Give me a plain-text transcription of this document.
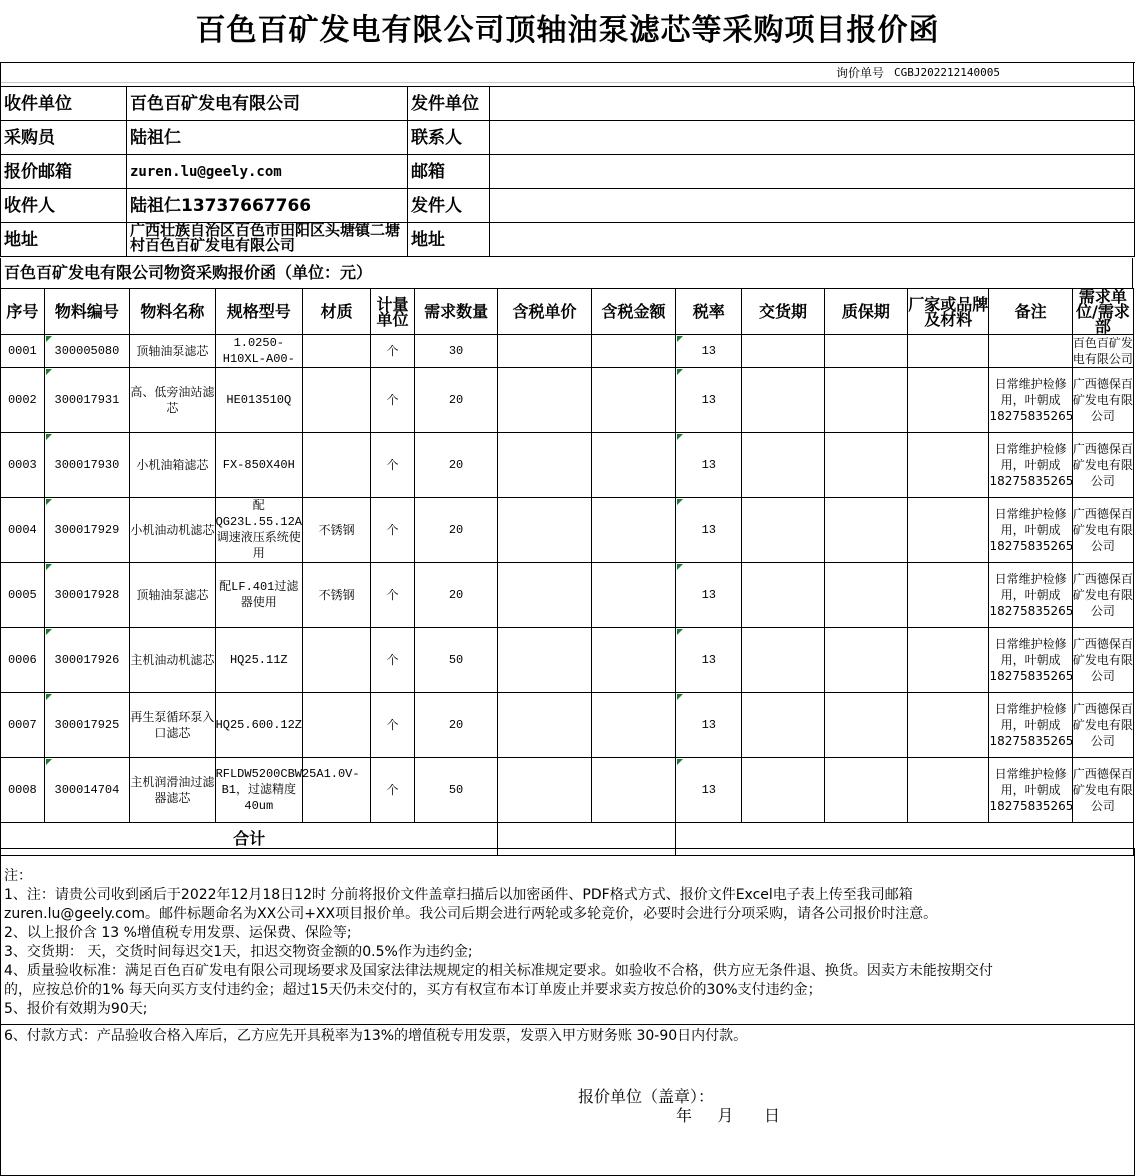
百色百矿发电有限公司顶轴油泵滤芯等采购项目报价函
询价单号 CGBJ202212140005
收件单位	百色百矿发电有限公司	发件单位	
采购员	陆祖仁	联系人	
报价邮箱	zuren.lu@geely.com	邮箱	
收件人	陆祖仁13737667766	发件人	
地址	广西壮族自治区百色市田阳区头塘镇二塘村百色百矿发电有限公司	地址	
百色百矿发电有限公司物资采购报价函（单位：元）
序号	物料编号	物料名称	规格型号	材质	计量单位	需求数量	含税单价	含税金额	税率	交货期	质保期	厂家或品牌及材料	备注	需求单位/需求部
0001	300005080	顶轴油泵滤芯	1.0250-H10XL-A00-		个	30			13					百色百矿发电有限公司
0002	300017931	高、低旁油站滤芯	HE013510Q		个	20			13				日常维护检修用，叶朝成18275835265	广西德保百矿发电有限公司
0003	300017930	小机油箱滤芯	FX-850X40H		个	20			13				日常维护检修用，叶朝成18275835265	广西德保百矿发电有限公司
0004	300017929	小机油动机滤芯	配QG23L.55.12A调速液压系统使用	不锈钢	个	20			13				日常维护检修用，叶朝成18275835265	广西德保百矿发电有限公司
0005	300017928	顶轴油泵滤芯	配LF.401过滤器使用	不锈钢	个	20			13				日常维护检修用，叶朝成18275835265	广西德保百矿发电有限公司
0006	300017926	主机油动机滤芯	HQ25.11Z		个	50			13				日常维护检修用，叶朝成18275835265	广西德保百矿发电有限公司
0007	300017925	再生泵循环泵入口滤芯	HQ25.600.12Z		个	20			13				日常维护检修用，叶朝成18275835265	广西德保百矿发电有限公司
0008	300014704	主机润滑油过滤器滤芯	RFLDW5200CBW25A1.0V-B1，过滤精度40um		个	50			13				日常维护检修用，叶朝成18275835265	广西德保百矿发电有限公司
合计														

注：

1、注：请贵公司收到函后于2022年12月18日12时 分前将报价文件盖章扫描后以加密函件、PDF格式方式、报价文件Excel电子表上传至我司邮箱

zuren.lu@geely.com。邮件标题命名为XX公司+XX项目报价单。我公司后期会进行两轮或多轮竞价，必要时会进行分项采购，请各公司报价时注意。

2、以上报价含 13 %增值税专用发票、运保费、保险等;

3、交货期： 天，交货时间每迟交1天，扣迟交物资金额的0.5%作为违约金;

4、质量验收标准：满足百色百矿发电有限公司现场要求及国家法律法规规定的相关标准规定要求。如验收不合格，供方应无条件退、换货。因卖方未能按期交付

的，应按总价的1% 每天向买方支付违约金；超过15天仍未交付的，买方有权宣布本订单废止并要求卖方按总价的30%支付违约金；

5、报价有效期为90天;

6、付款方式：产品验收合格入库后，乙方应先开具税率为13%的增值税专用发票，发票入甲方财务账 30-90日内付款。

报价单位（盖章）：
年     月      日
